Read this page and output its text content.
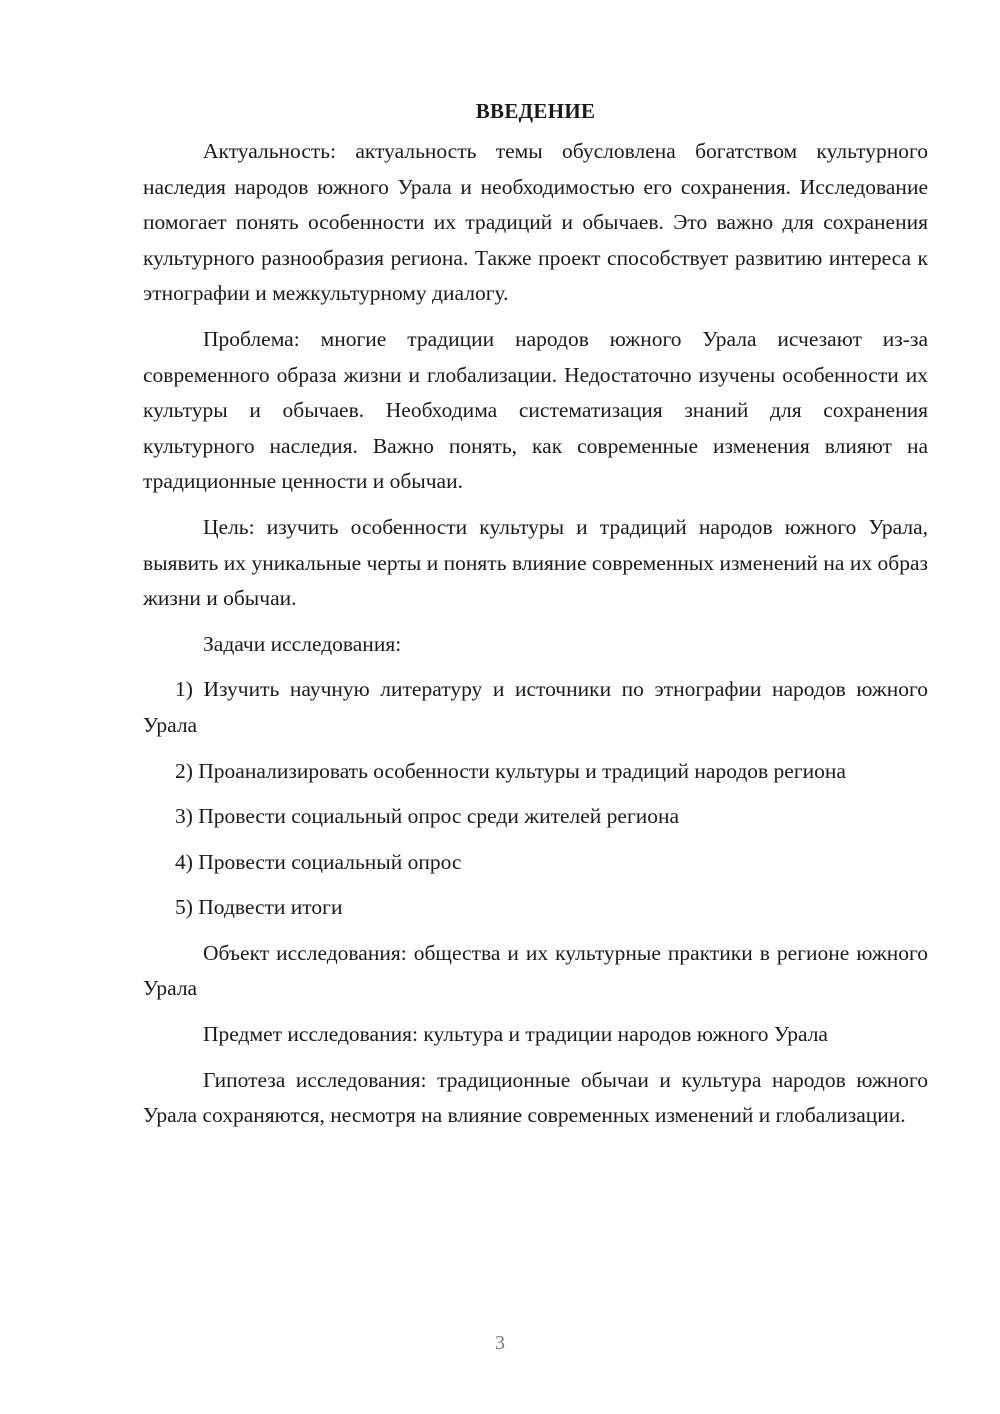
ВВЕДЕНИЕ

Актуальность: актуальность темы обусловлена богатством культурного наследия народов южного Урала и необходимостью его сохранения. Исследование помогает понять особенности их традиций и обычаев. Это важно для сохранения культурного разнообразия региона. Также проект способствует развитию интереса к этнографии и межкультурному диалогу.

Проблема: многие традиции народов южного Урала исчезают из-за современного образа жизни и глобализации. Недостаточно изучены особенности их культуры и обычаев. Необходима систематизация знаний для сохранения культурного наследия. Важно понять, как современные изменения влияют на традиционные ценности и обычаи.

Цель: изучить особенности культуры и традиций народов южного Урала, выявить их уникальные черты и понять влияние современных изменений на их образ жизни и обычаи.

Задачи исследования:

1) Изучить научную литературу и источники по этнографии народов южного Урала

2) Проанализировать особенности культуры и традиций народов региона

3) Провести социальный опрос среди жителей региона

4) Провести социальный опрос

5) Подвести итоги

Объект исследования: общества и их культурные практики в регионе южного Урала

Предмет исследования: культура и традиции народов южного Урала

Гипотеза исследования: традиционные обычаи и культура народов южного Урала сохраняются, несмотря на влияние современных изменений и глобализации.

3
